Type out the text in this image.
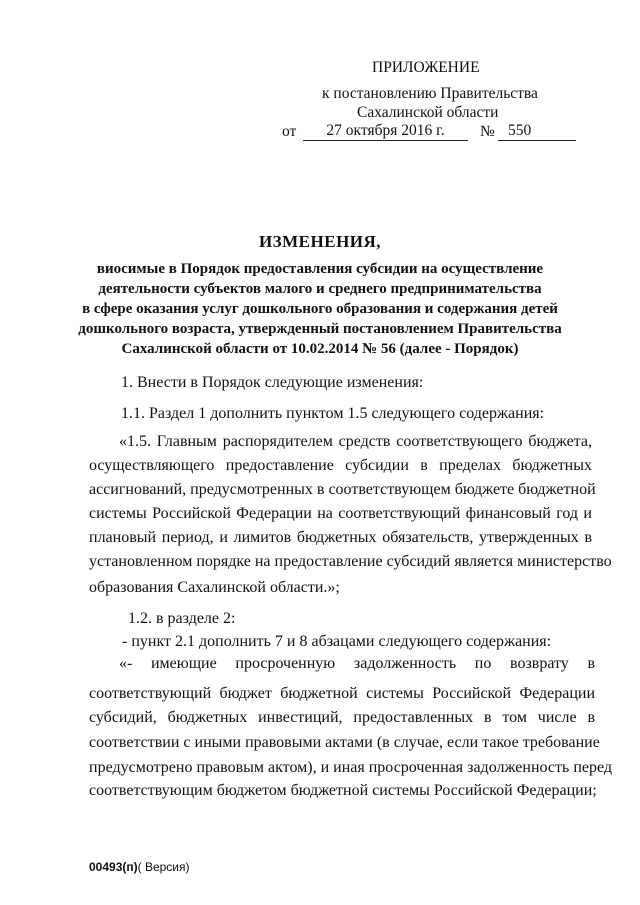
ПРИЛОЖЕНИЕ
к постановлению Правительства
Сахалинской области
от	27 октября 2016 г.	№ 550
ИЗМЕНЕНИЯ,
виосимые в Порядок предоставления субсидии на осуществление
деятельности субъектов малого и среднего предпринимательства
в сфере оказания услуг дошкольного образования и содержания детей
дошкольного возраста, утвержденный постановлением Правительства
Сахалинской области от 10.02.2014 № 56 (далее - Порядок)
1. Внести в Порядок следующие изменения:
1.1. Раздел 1 дополнить пунктом 1.5 следующего содержания:
«1.5. Главным распорядителем средств соответствующего бюджета,
осуществляющего предоставление субсидии в пределах бюджетных
ассигнований, предусмотренных в соответствующем бюджете бюджетной
системы Российской Федерации на соответствующий финансовый год и
плановый период, и лимитов бюджетных обязательств, утвержденных в
установленном порядке на предоставление субсидий является министерство
образования Сахалинской области.»;
1.2. в разделе 2:
- пункт 2.1 дополнить 7 и 8 абзацами следующего содержания:
«- имеющие просроченную задолженность по возврату в
соответствующий бюджет бюджетной системы Российской Федерации
субсидий, бюджетных инвестиций, предоставленных в том числе в
соответствии с иными правовыми актами (в случае, если такое требование
предусмотрено правовым актом), и иная просроченная задолженность перед
соответствующим бюджетом бюджетной системы Российской Федерации;
00493(п)( Версия)
